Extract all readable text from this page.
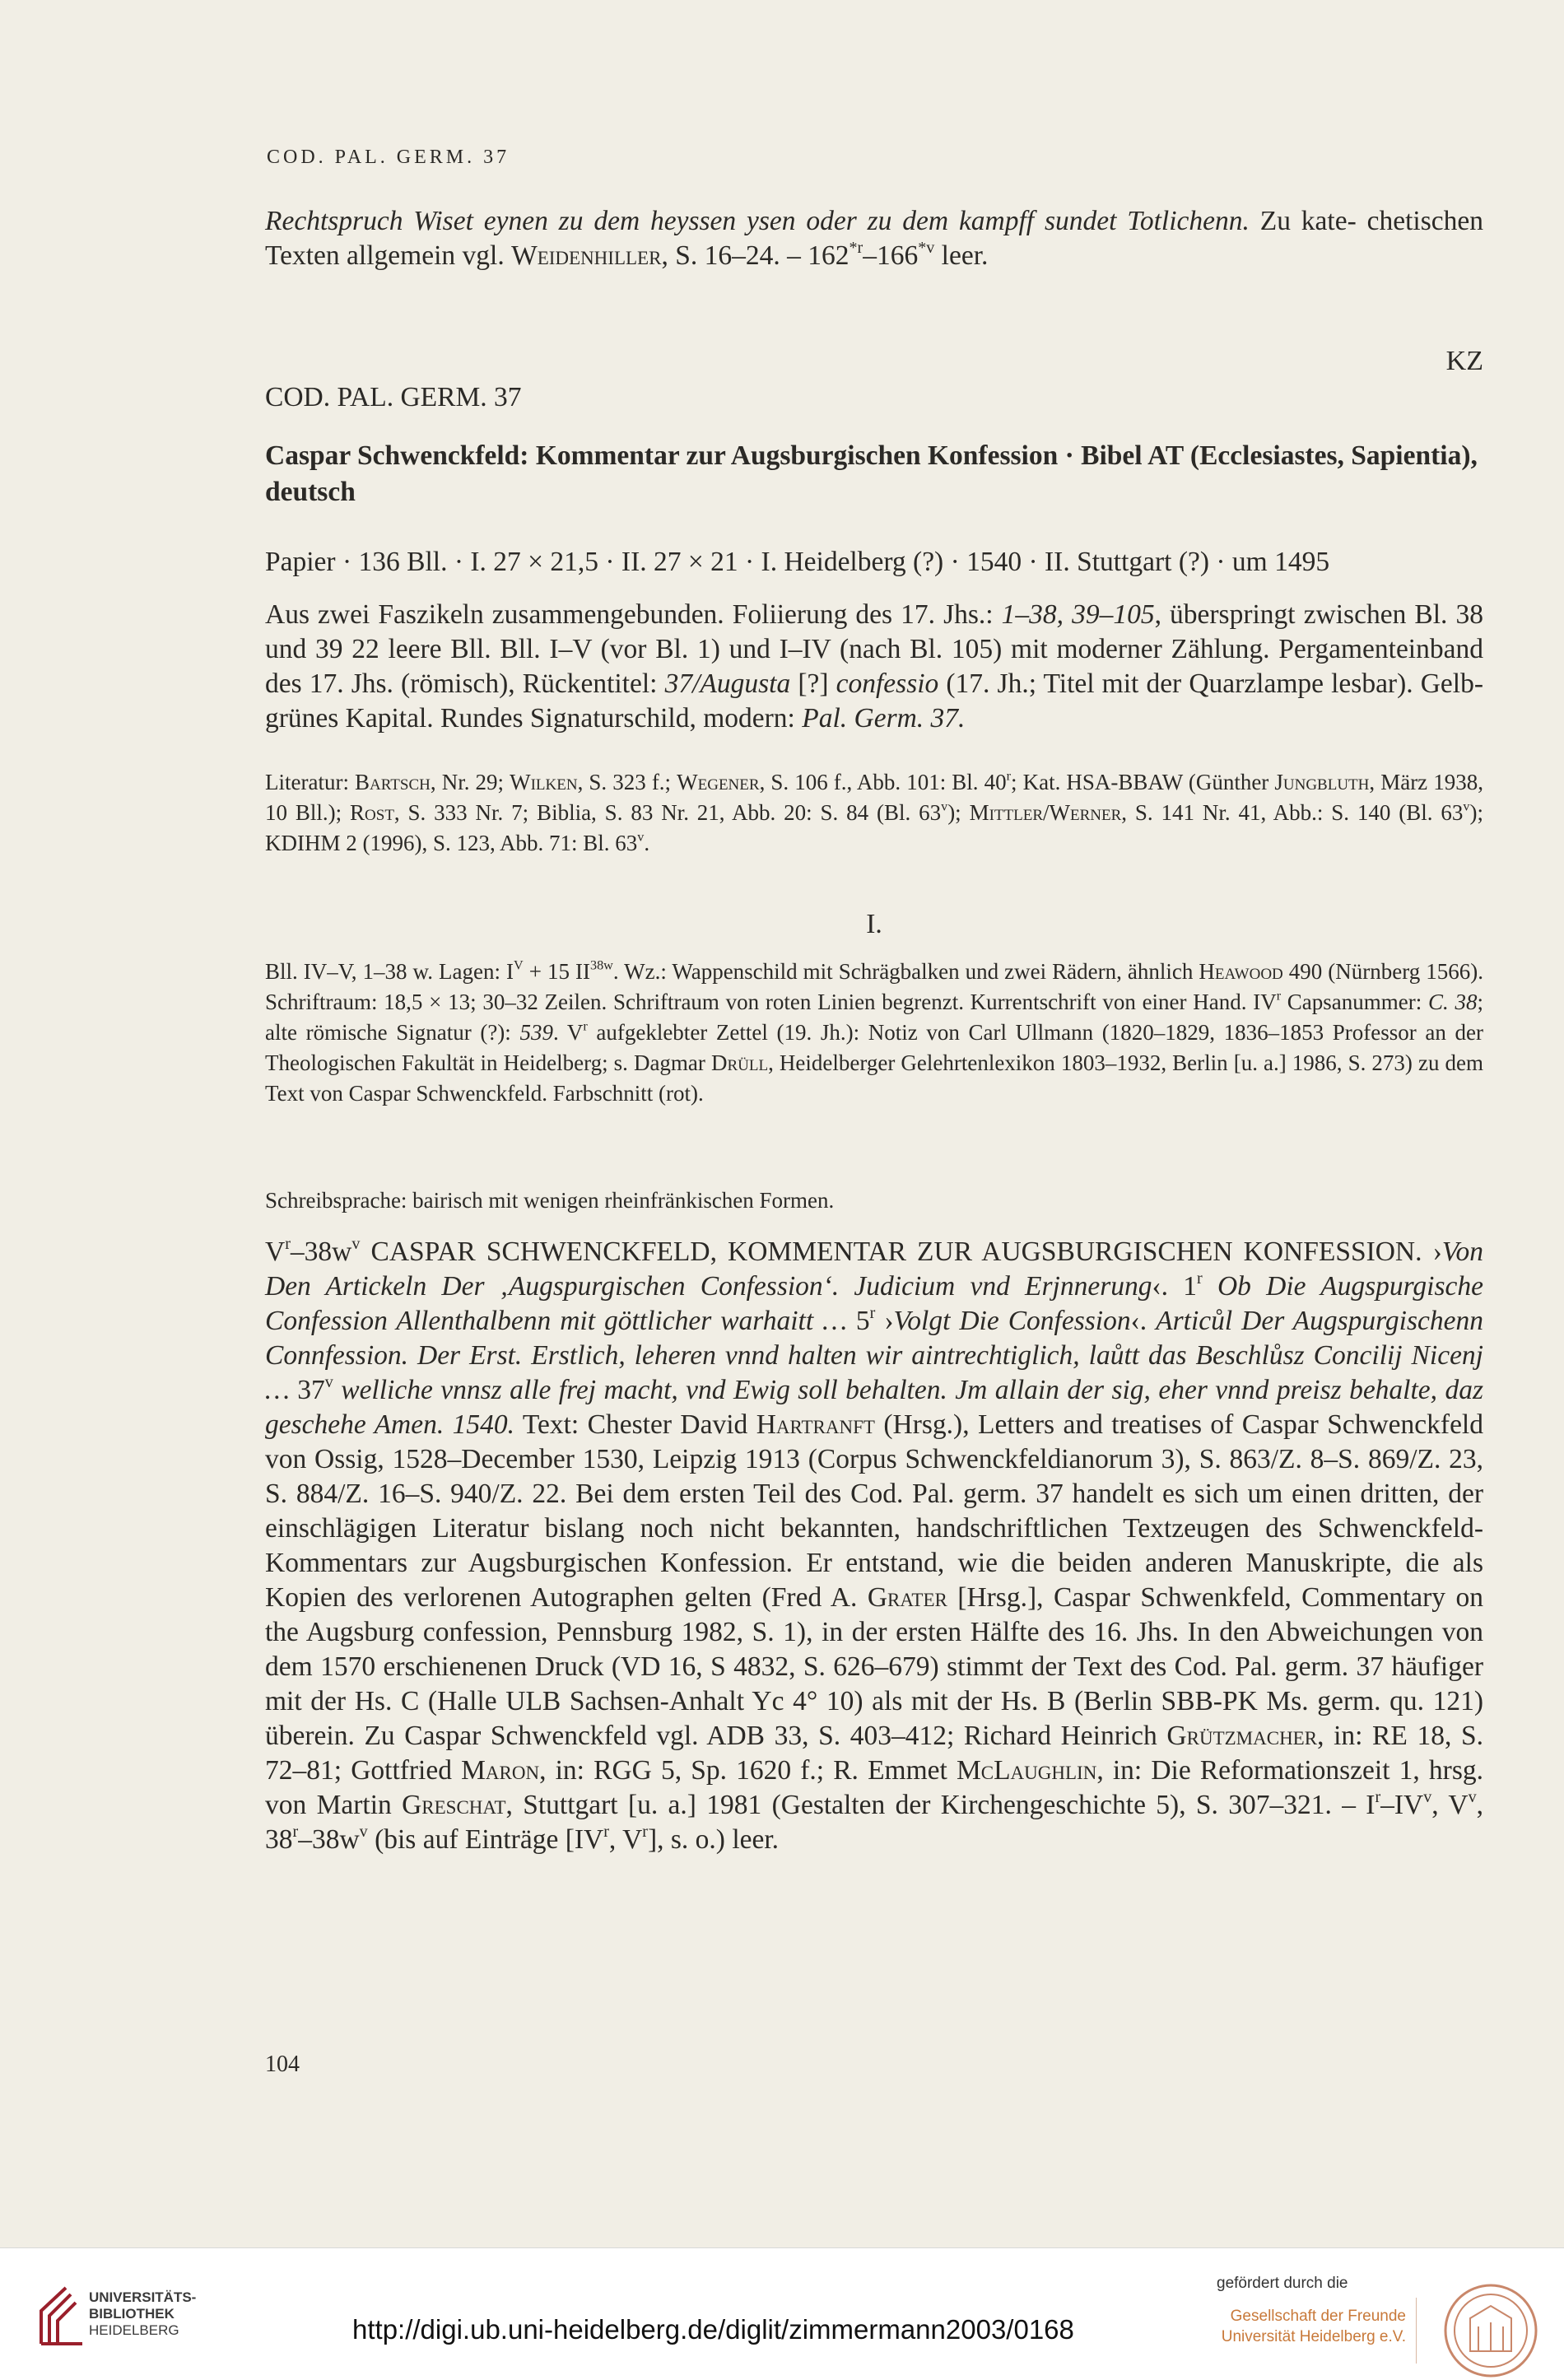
COD. PAL. GERM. 37

Rechtspruch Wiset eynen zu dem heyssen ysen oder zu dem kampff sundet Totlichenn. Zu kate- chetischen Texten allgemein vgl. Weidenhiller, S. 16–24. – 162$^{*r}$–166$^{*v}$ leer.

KZ
COD. PAL. GERM. 37
Caspar Schwenckfeld: Kommentar zur Augsburgischen Konfession · Bibel AT (Ecclesiastes, Sapientia), deutsch
Papier · 136 Bll. · I. 27 × 21,5 · II. 27 × 21 · I. Heidelberg (?) · 1540 · II. Stuttgart (?) · um 1495

Aus zwei Faszikeln zusammengebunden. Foliierung des 17. Jhs.: 1–38, 39–105, überspringt zwischen Bl. 38 und 39 22 leere Bll. Bll. I–V (vor Bl. 1) und I–IV (nach Bl. 105) mit moderner Zählung. Pergamenteinband des 17. Jhs. (römisch), Rückentitel: 37/Augusta [?] confessio (17. Jh.; Titel mit der Quarzlampe lesbar). Gelb-grünes Kapital. Rundes Signaturschild, modern: Pal. Germ. 37.

Literatur: Bartsch, Nr. 29; Wilken, S. 323 f.; Wegener, S. 106 f., Abb. 101: Bl. 40$^r$; Kat. HSA-BBAW (Günther Jungbluth, März 1938, 10 Bll.); Rost, S. 333 Nr. 7; Biblia, S. 83 Nr. 21, Abb. 20: S. 84 (Bl. 63$^v$); Mittler/Werner, S. 141 Nr. 41, Abb.: S. 140 (Bl. 63$^v$); KDIHM 2 (1996), S. 123, Abb. 71: Bl. 63$^v$.

I.

Bll. IV–V, 1–38 w. Lagen: $I^V + 15$ $II^{38w}$. Wz.: Wappenschild mit Schrägbalken und zwei Rädern, ähnlich Heawood 490 (Nürnberg 1566). Schriftraum: 18,5 × 13; 30–32 Zeilen. Schriftraum von roten Linien begrenzt. Kurrentschrift von einer Hand. $IV^r$ Capsanummer: C. 38; alte römische Signatur (?): 539. $V^r$ aufgeklebter Zettel (19. Jh.): Notiz von Carl Ullmann (1820–1829, 1836–1853 Professor an der Theologischen Fakultät in Heidelberg; s. Dagmar Drüll, Heidelberger Gelehrtenlexikon 1803–1932, Berlin [u. a.] 1986, S. 273) zu dem Text von Caspar Schwenckfeld. Farbschnitt (rot).

Schreibsprache: bairisch mit wenigen rheinfränkischen Formen.

$V^r-38w^v$ CASPAR SCHWENCKFELD, KOMMENTAR ZUR AUGSBURGISCHEN KONFESSION. ›Von Den Artickeln Der ‚Augspurgischen Confession‘. Judicium vnd Erjnnerung‹. 1$^r$ Ob Die Augspurgische Confession Allenthalbenn mit göttlicher warhaitt … 5$^r$ ›Volgt Die Confession‹. Articůl Der Augspurgischenn Connfession. Der Erst. Erstlich, leheren vnnd halten wir aintrechtiglich, laůtt das Beschlůsz Concilij Nicenj … 37$^v$ welliche vnnsz alle frej macht, vnd Ewig soll behalten. Jm allain der sig, eher vnnd preisz behalte, daz geschehe Amen. 1540. Text: Chester David Hartranft (Hrsg.), Letters and treatises of Caspar Schwenckfeld von Ossig, 1528–December 1530, Leipzig 1913 (Corpus Schwenckfeldianorum 3), S. 863/Z. 8–S. 869/Z. 23, S. 884/Z. 16–S. 940/Z. 22. Bei dem ersten Teil des Cod. Pal. germ. 37 handelt es sich um einen dritten, der einschlägigen Literatur bislang noch nicht bekannten, handschriftlichen Textzeugen des Schwenckfeld-Kommentars zur Augsburgischen Konfession. Er entstand, wie die beiden anderen Manuskripte, die als Kopien des verlorenen Autographen gelten (Fred A. Grater [Hrsg.], Caspar Schwenkfeld, Commentary on the Augsburg confession, Pennsburg 1982, S. 1), in der ersten Hälfte des 16. Jhs. In den Abweichungen von dem 1570 erschienenen Druck (VD 16, S 4832, S. 626–679) stimmt der Text des Cod. Pal. germ. 37 häufiger mit der Hs. C (Halle ULB Sachsen-Anhalt Yc 4° 10) als mit der Hs. B (Berlin SBB-PK Ms. germ. qu. 121) überein. Zu Caspar Schwenckfeld vgl. ADB 33, S. 403–412; Richard Heinrich Grützmacher, in: RE 18, S. 72–81; Gottfried Maron, in: RGG 5, Sp. 1620 f.; R. Emmet McLaughlin, in: Die Reformationszeit 1, hrsg. von Martin Greschat, Stuttgart [u. a.] 1981 (Gestalten der Kirchengeschichte 5), S. 307–321. – $I^r-IV^v$, $V^v$, $38^r-38w^v$ (bis auf Einträge [$IV^r$, $V^r$], s. o.) leer.

104
UNIVERSITÄTS-
BIBLIOTHEK
HEIDELBERG	http://digi.ub.uni-heidelberg.de/diglit/zimmermann2003/0168
gefördert durch die
Gesellschaft der Freunde
Universität Heidelberg e.V.
